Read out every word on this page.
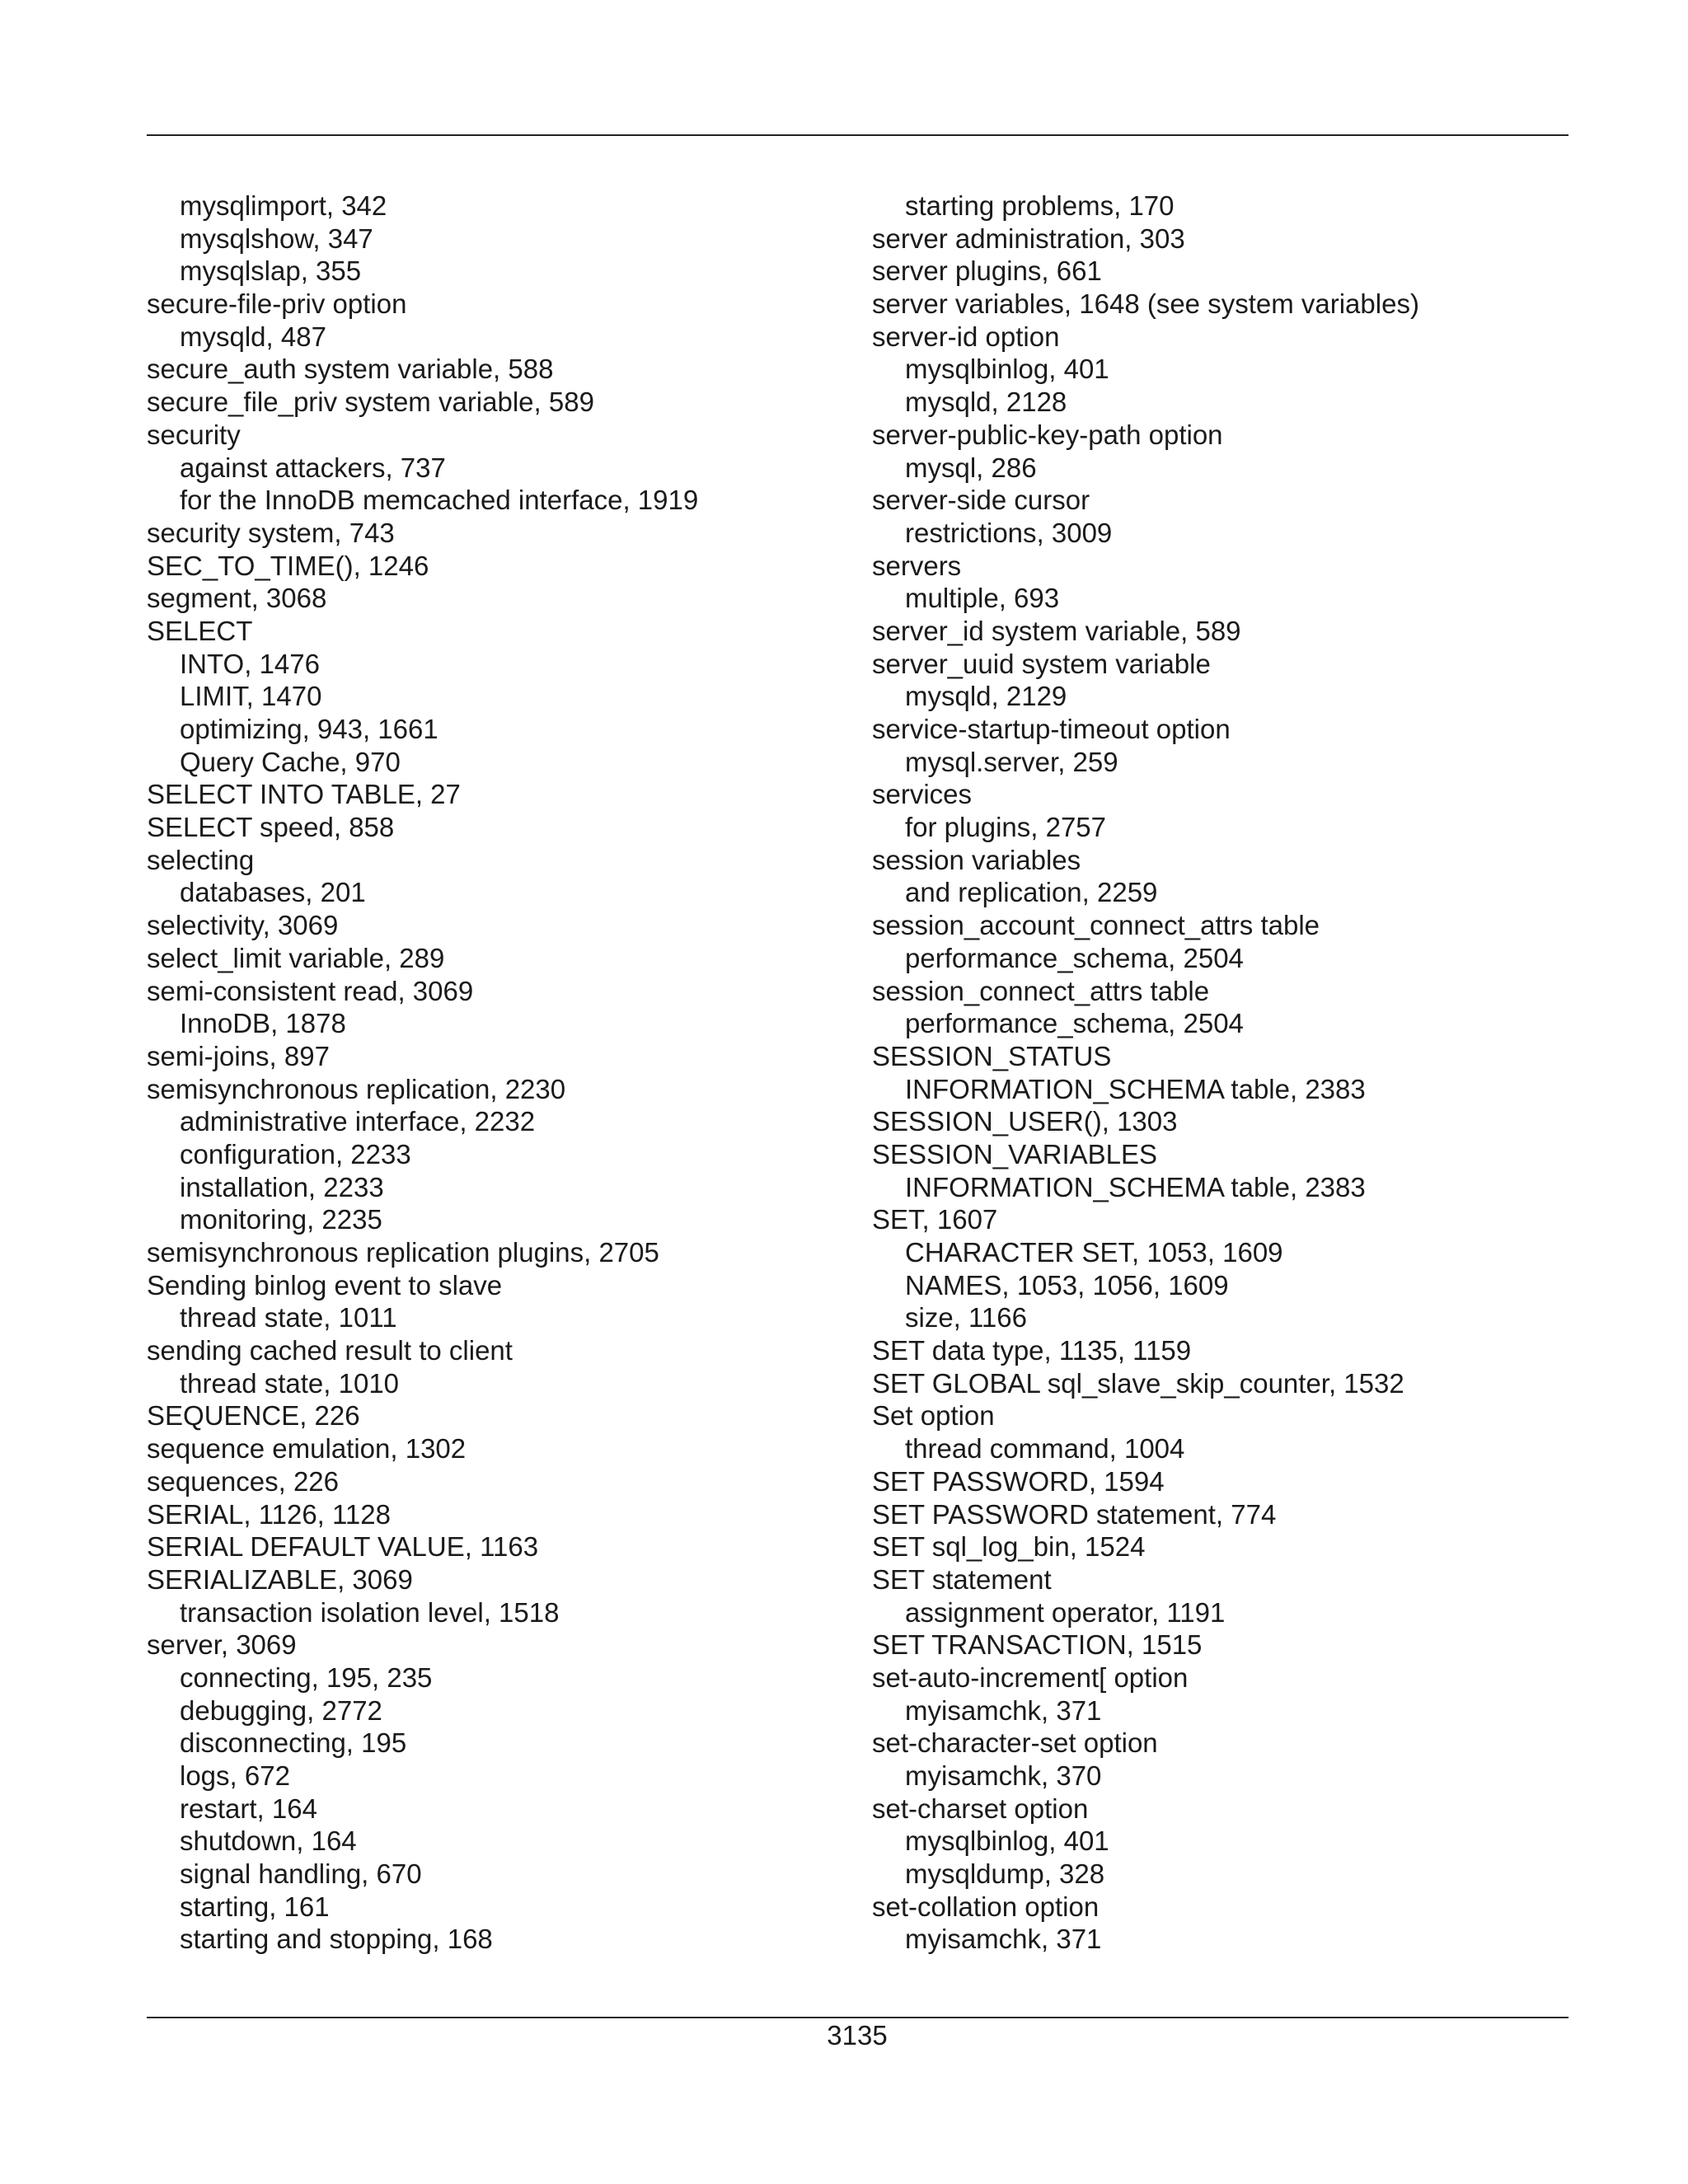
mysqlimport, 342
mysqlshow, 347
mysqlslap, 355
secure-file-priv option
mysqld, 487
secure_auth system variable, 588
secure_file_priv system variable, 589
security
against attackers, 737
for the InnoDB memcached interface, 1919
security system, 743
SEC_TO_TIME(), 1246
segment, 3068
SELECT
INTO, 1476
LIMIT, 1470
optimizing, 943, 1661
Query Cache, 970
SELECT INTO TABLE, 27
SELECT speed, 858
selecting
databases, 201
selectivity, 3069
select_limit variable, 289
semi-consistent read, 3069
InnoDB, 1878
semi-joins, 897
semisynchronous replication, 2230
administrative interface, 2232
configuration, 2233
installation, 2233
monitoring, 2235
semisynchronous replication plugins, 2705
Sending binlog event to slave
thread state, 1011
sending cached result to client
thread state, 1010
SEQUENCE, 226
sequence emulation, 1302
sequences, 226
SERIAL, 1126, 1128
SERIAL DEFAULT VALUE, 1163
SERIALIZABLE, 3069
transaction isolation level, 1518
server, 3069
connecting, 195, 235
debugging, 2772
disconnecting, 195
logs, 672
restart, 164
shutdown, 164
signal handling, 670
starting, 161
starting and stopping, 168
starting problems, 170
server administration, 303
server plugins, 661
server variables, 1648 (see system variables)
server-id option
mysqlbinlog, 401
mysqld, 2128
server-public-key-path option
mysql, 286
server-side cursor
restrictions, 3009
servers
multiple, 693
server_id system variable, 589
server_uuid system variable
mysqld, 2129
service-startup-timeout option
mysql.server, 259
services
for plugins, 2757
session variables
and replication, 2259
session_account_connect_attrs table
performance_schema, 2504
session_connect_attrs table
performance_schema, 2504
SESSION_STATUS
INFORMATION_SCHEMA table, 2383
SESSION_USER(), 1303
SESSION_VARIABLES
INFORMATION_SCHEMA table, 2383
SET, 1607
CHARACTER SET, 1053, 1609
NAMES, 1053, 1056, 1609
size, 1166
SET data type, 1135, 1159
SET GLOBAL sql_slave_skip_counter, 1532
Set option
thread command, 1004
SET PASSWORD, 1594
SET PASSWORD statement, 774
SET sql_log_bin, 1524
SET statement
assignment operator, 1191
SET TRANSACTION, 1515
set-auto-increment[ option
myisamchk, 371
set-character-set option
myisamchk, 370
set-charset option
mysqlbinlog, 401
mysqldump, 328
set-collation option
myisamchk, 371
3135
